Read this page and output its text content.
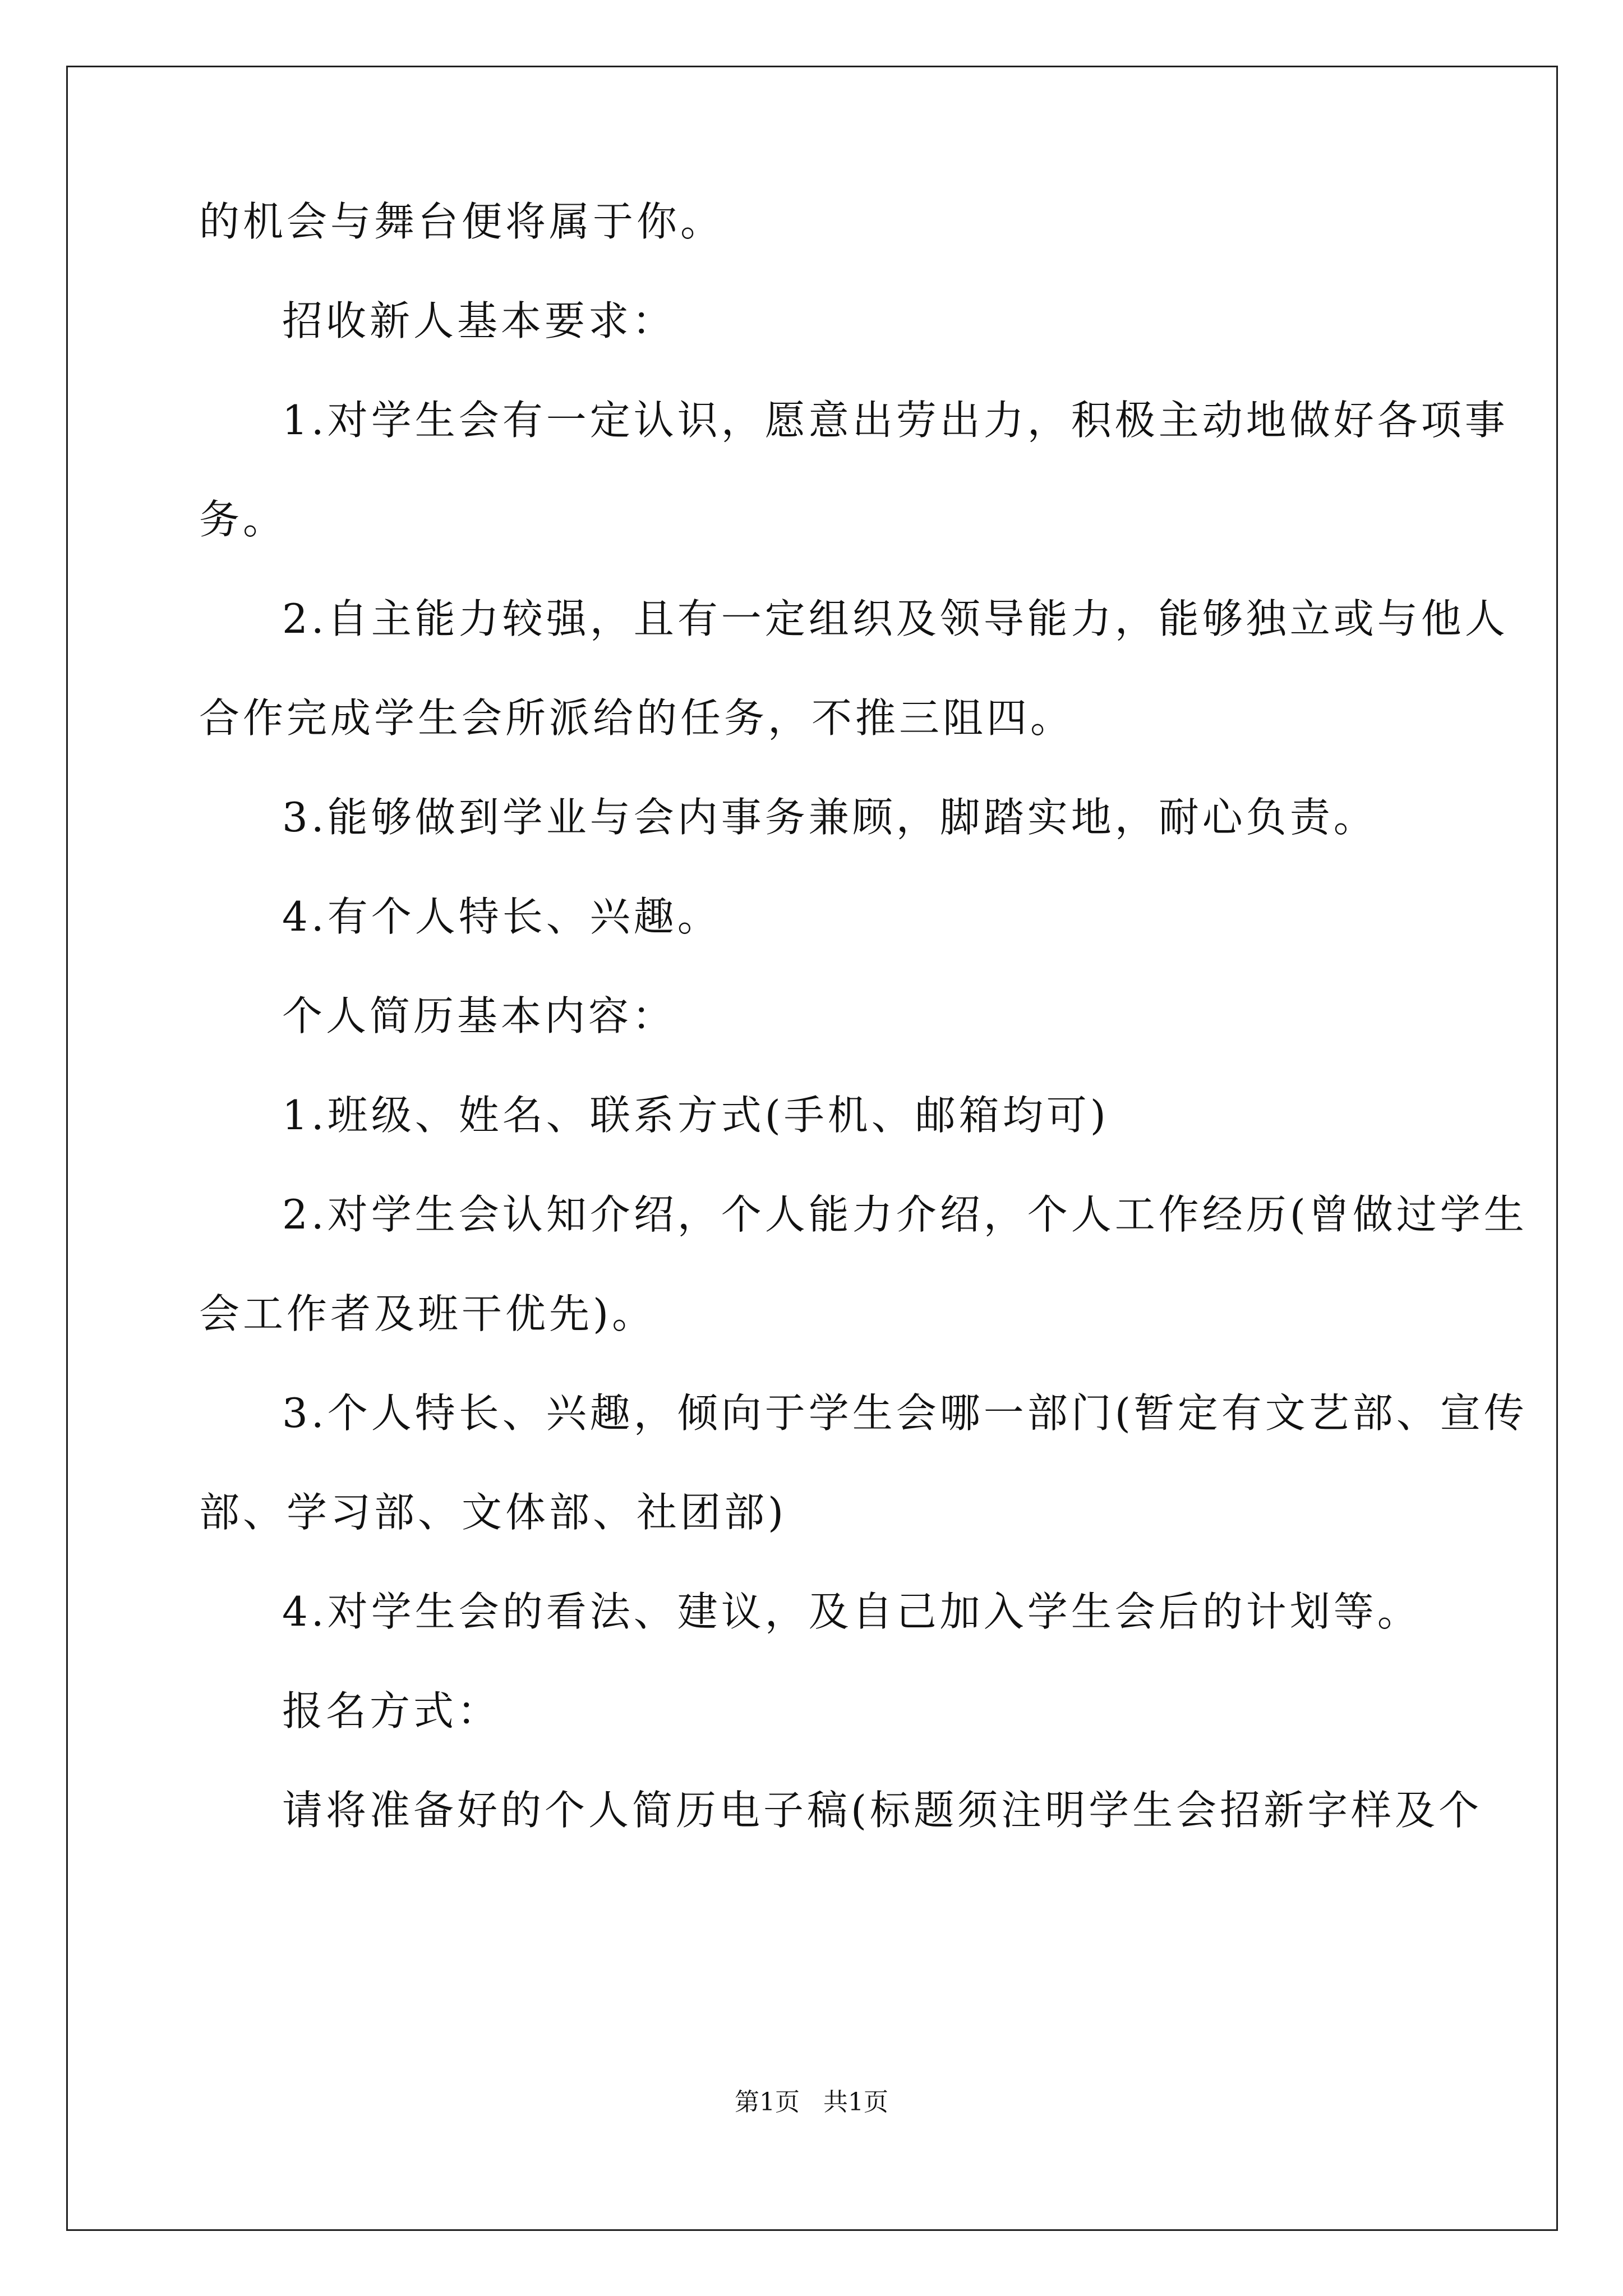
的机会与舞台便将属于你。
招收新人基本要求：
1.对学生会有一定认识，愿意出劳出力，积极主动地做好各项事
务。
2.自主能力较强，且有一定组织及领导能力，能够独立或与他人
合作完成学生会所派给的任务，不推三阻四。
3.能够做到学业与会内事务兼顾，脚踏实地，耐心负责。
4.有个人特长、兴趣。
个人简历基本内容：
1.班级、姓名、联系方式(手机、邮箱均可)
2.对学生会认知介绍，个人能力介绍，个人工作经历(曾做过学生
会工作者及班干优先)。
3.个人特长、兴趣，倾向于学生会哪一部门(暂定有文艺部、宣传
部、学习部、文体部、社团部)
4.对学生会的看法、建议，及自己加入学生会后的计划等。
报名方式：
请将准备好的个人简历电子稿(标题须注明学生会招新字样及个
第1页   共1页
